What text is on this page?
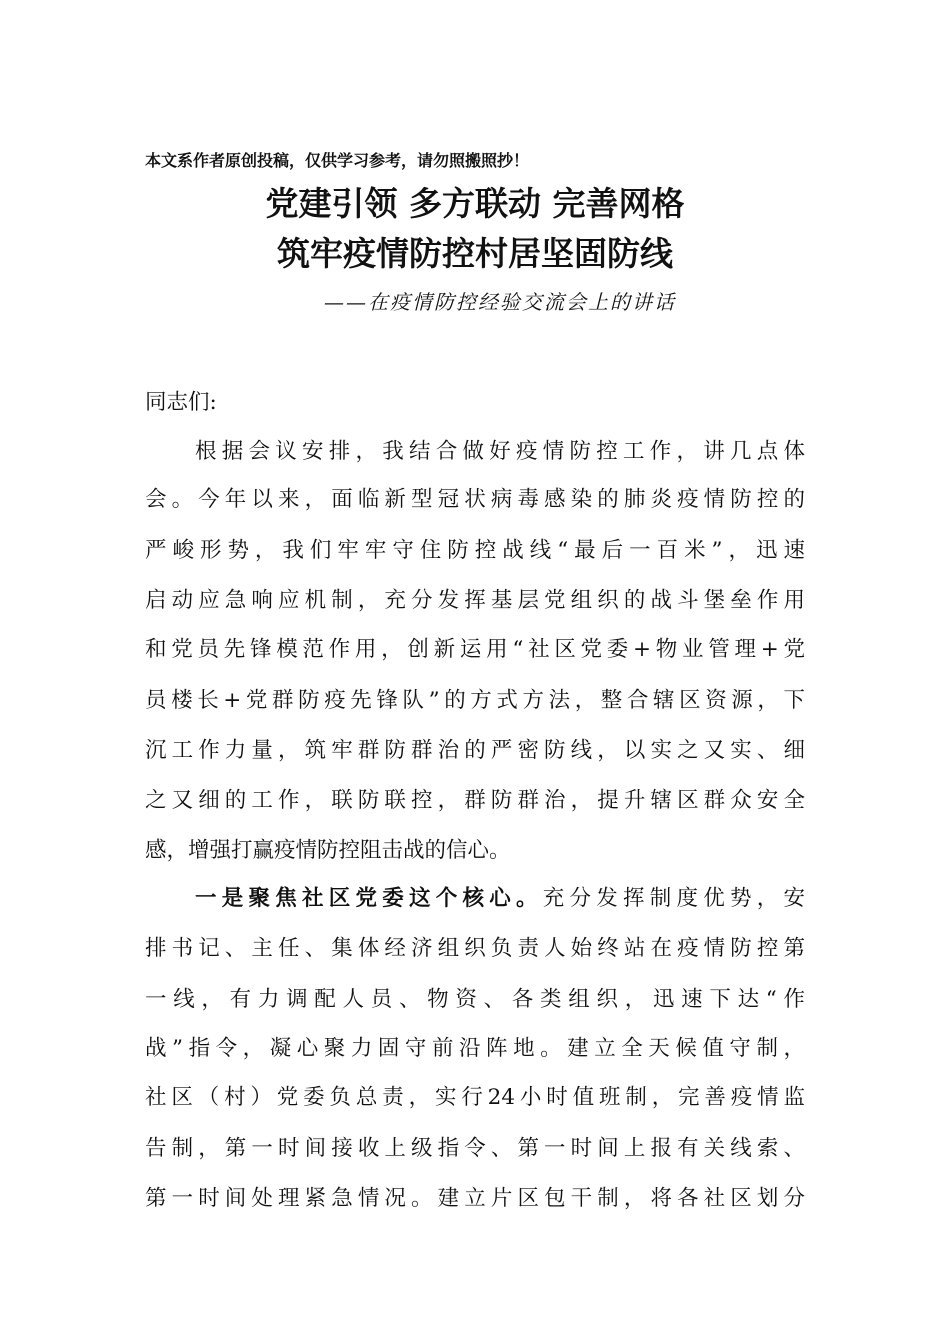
本文系作者原创投稿，仅供学习参考，请勿照搬照抄！
党建引领 多方联动 完善网格
筑牢疫情防控村居坚固防线
——在疫情防控经验交流会上的讲话
同志们:
根据会议安排，我结合做好疫情防控工作，讲几点体
会。今年以来，面临新型冠状病毒感染的肺炎疫情防控的
严峻形势，我们牢牢守住防控战线“最后一百米”，迅速
启动应急响应机制，充分发挥基层党组织的战斗堡垒作用
和党员先锋模范作用，创新运用“社区党委+物业管理+党
员楼长+党群防疫先锋队”的方式方法，整合辖区资源，下
沉工作力量，筑牢群防群治的严密防线，以实之又实、细
之又细的工作，联防联控，群防群治，提升辖区群众安全
感，增强打赢疫情防控阻击战的信心。
一是聚焦社区党委这个核心。充分发挥制度优势，安
排书记、主任、集体经济组织负责人始终站在疫情防控第
一线，有力调配人员、物资、各类组织，迅速下达“作
战”指令，凝心聚力固守前沿阵地。建立全天候值守制，
社区（村）党委负总责，实行24小时值班制，完善疫情监
告制，第一时间接收上级指令、第一时间上报有关线索、
第一时间处理紧急情况。建立片区包干制，将各社区划分
